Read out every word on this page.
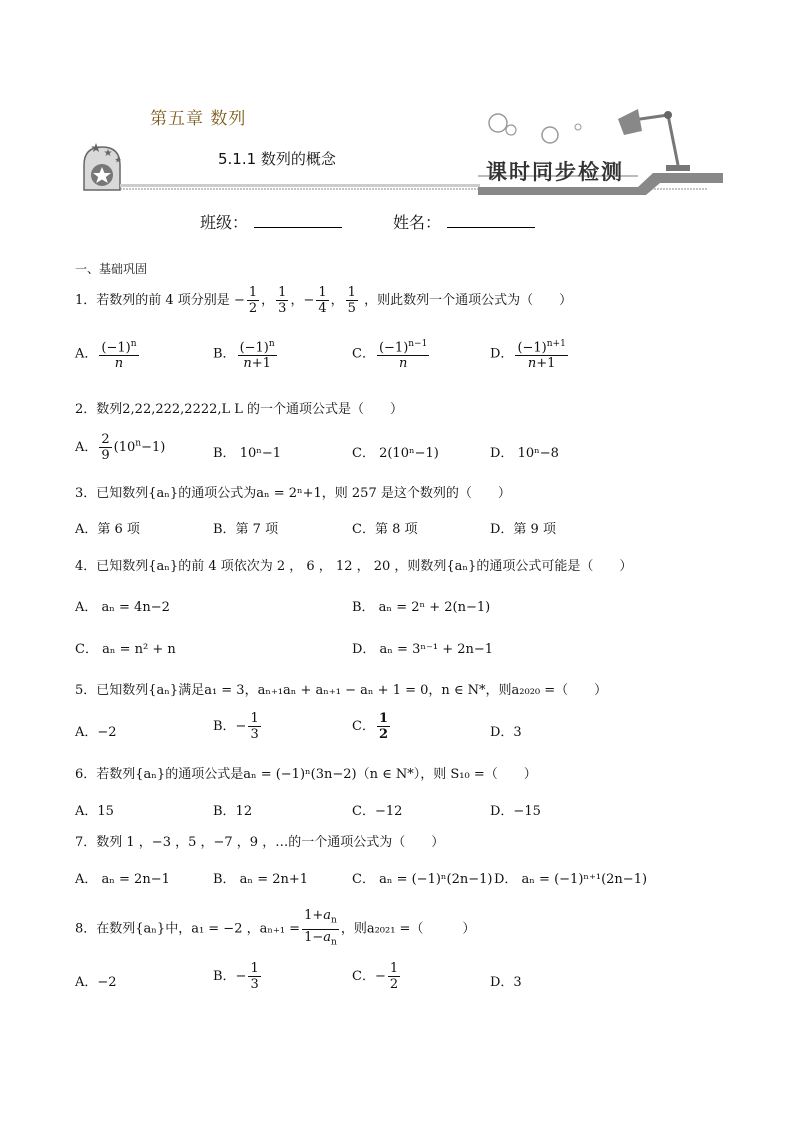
第五章 数列
5.1.1 数列的概念
课时同步检测
班级：	姓名：
一、基础巩固
1．若数列的前 4 项分别是 − $\frac{1}{2}$ ， $\frac{1}{3}$ ，− $\frac{1}{4}$ ， $\frac{1}{5}$ ，则此数列一个通项公式为（　　）
A． $\frac{(-1)^n}{n}$	B． $\frac{(-1)^n}{n+1}$	C． $\frac{(-1)^{n-1}}{n}$	D． $\frac{(-1)^{n+1}}{n+1}$
2．数列2,22,222,2222,L L 的一个通项公式是（　　）
A． $\frac{2}{9} (10^n-1)$	B． 10ⁿ−1	C． 2(10ⁿ−1)	D． 10ⁿ−8
3．已知数列{aₙ}的通项公式为aₙ = 2ⁿ+1，则 257 是这个数列的（　　）
A．第 6 项	B．第 7 项	C．第 8 项	D．第 9 项
4．已知数列{aₙ}的前 4 项依次为 2 ， 6 ， 12 ， 20 ，则数列{aₙ}的通项公式可能是（　　）
A． aₙ = 4n−2	B． aₙ = 2ⁿ + 2(n−1)
C． aₙ = n² + n	D． aₙ = 3ⁿ⁻¹ + 2n−1
5．已知数列{aₙ}满足a₁ = 3，aₙ₊₁aₙ + aₙ₊₁ − aₙ + 1 = 0，n ∈ N*，则a₂₀₂₀ =（　　）
A．−2	B．− $\frac{1}{3}$	C． $\frac{1}{2}$	D．3
6．若数列{aₙ}的通项公式是aₙ = (−1)ⁿ(3n−2)（n ∈ N*），则 S₁₀ =（　　）
A．15	B．12	C．−12	D．−15
7．数列 1 ，−3 ，5 ，−7 ，9 ，…的一个通项公式为（　　）
A． aₙ = 2n−1	B． aₙ = 2n+1	C． aₙ = (−1)ⁿ(2n−1) D． aₙ = (−1)ⁿ⁺¹(2n−1)
8．在数列{aₙ}中，a₁ = −2 ，$a_{n+1} = \frac{1+a_n}{1-a_n}$ ，则a₂₀₂₁ =（　　　）
A．−2	B．− $\frac{1}{3}$	C．− $\frac{1}{2}$	D．3
